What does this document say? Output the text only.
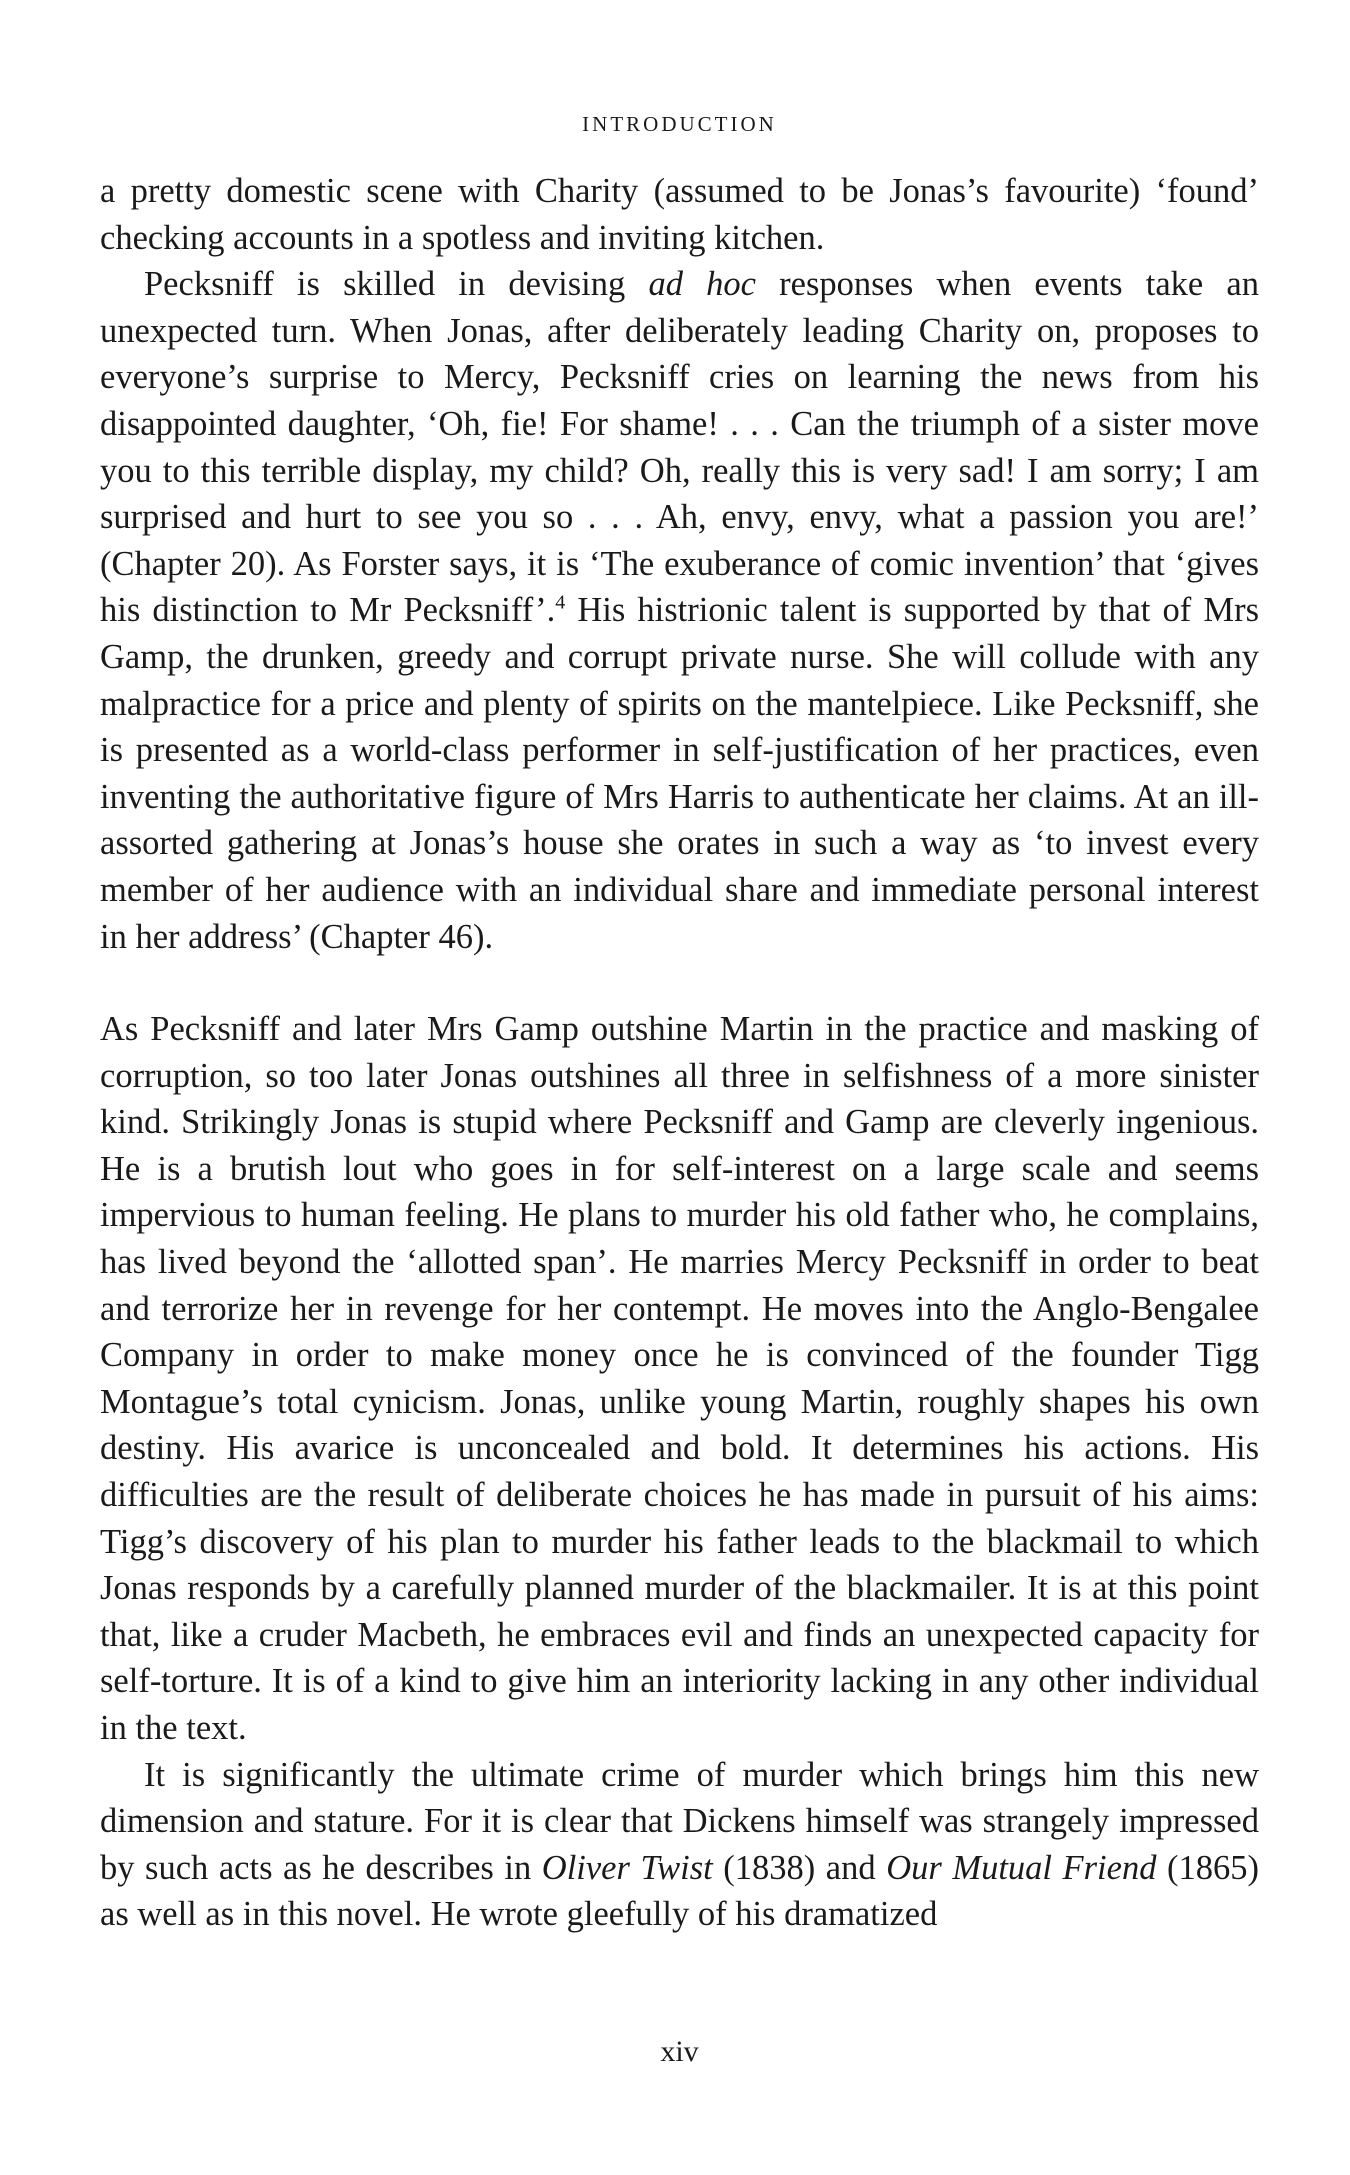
INTRODUCTION

a pretty domestic scene with Charity (assumed to be Jonas’s favourite) ‘found’ checking accounts in a spotless and inviting kitchen.

Pecksniff is skilled in devising ad hoc responses when events take an unexpected turn. When Jonas, after deliberately leading Charity on, proposes to everyone’s surprise to Mercy, Pecksniff cries on learning the news from his disappointed daughter, ‘Oh, fie! For shame! . . . Can the triumph of a sister move you to this terrible display, my child? Oh, really this is very sad! I am sorry; I am surprised and hurt to see you so . . . Ah, envy, envy, what a passion you are!’ (Chapter 20). As Forster says, it is ‘The exuberance of comic invention’ that ‘gives his distinction to Mr Pecksniff’.$^4$ His histrionic talent is supported by that of Mrs Gamp, the drunken, greedy and corrupt private nurse. She will collude with any malpractice for a price and plenty of spirits on the mantelpiece. Like Pecksniff, she is presented as a world-class performer in self-justification of her practices, even inventing the authoritative figure of Mrs Harris to authenticate her claims. At an ill-assorted gathering at Jonas’s house she orates in such a way as ‘to invest every member of her audience with an individual share and immediate personal interest in her address’ (Chapter 46).

As Pecksniff and later Mrs Gamp outshine Martin in the practice and masking of corruption, so too later Jonas outshines all three in selfishness of a more sinister kind. Strikingly Jonas is stupid where Pecksniff and Gamp are cleverly ingenious. He is a brutish lout who goes in for self-interest on a large scale and seems impervious to human feeling. He plans to murder his old father who, he complains, has lived beyond the ‘allotted span’. He marries Mercy Pecksniff in order to beat and terrorize her in revenge for her contempt. He moves into the Anglo-Bengalee Company in order to make money once he is convinced of the founder Tigg Montague’s total cynicism. Jonas, unlike young Martin, roughly shapes his own destiny. His avarice is unconcealed and bold. It determines his actions. His difficulties are the result of deliberate choices he has made in pursuit of his aims: Tigg’s discovery of his plan to murder his father leads to the blackmail to which Jonas responds by a carefully planned murder of the blackmailer. It is at this point that, like a cruder Macbeth, he embraces evil and finds an unexpected capacity for self-torture. It is of a kind to give him an interiority lacking in any other individual in the text.

It is significantly the ultimate crime of murder which brings him this new dimension and stature. For it is clear that Dickens himself was strangely impressed by such acts as he describes in Oliver Twist (1838) and Our Mutual Friend (1865) as well as in this novel. He wrote gleefully of his dramatized

xiv
